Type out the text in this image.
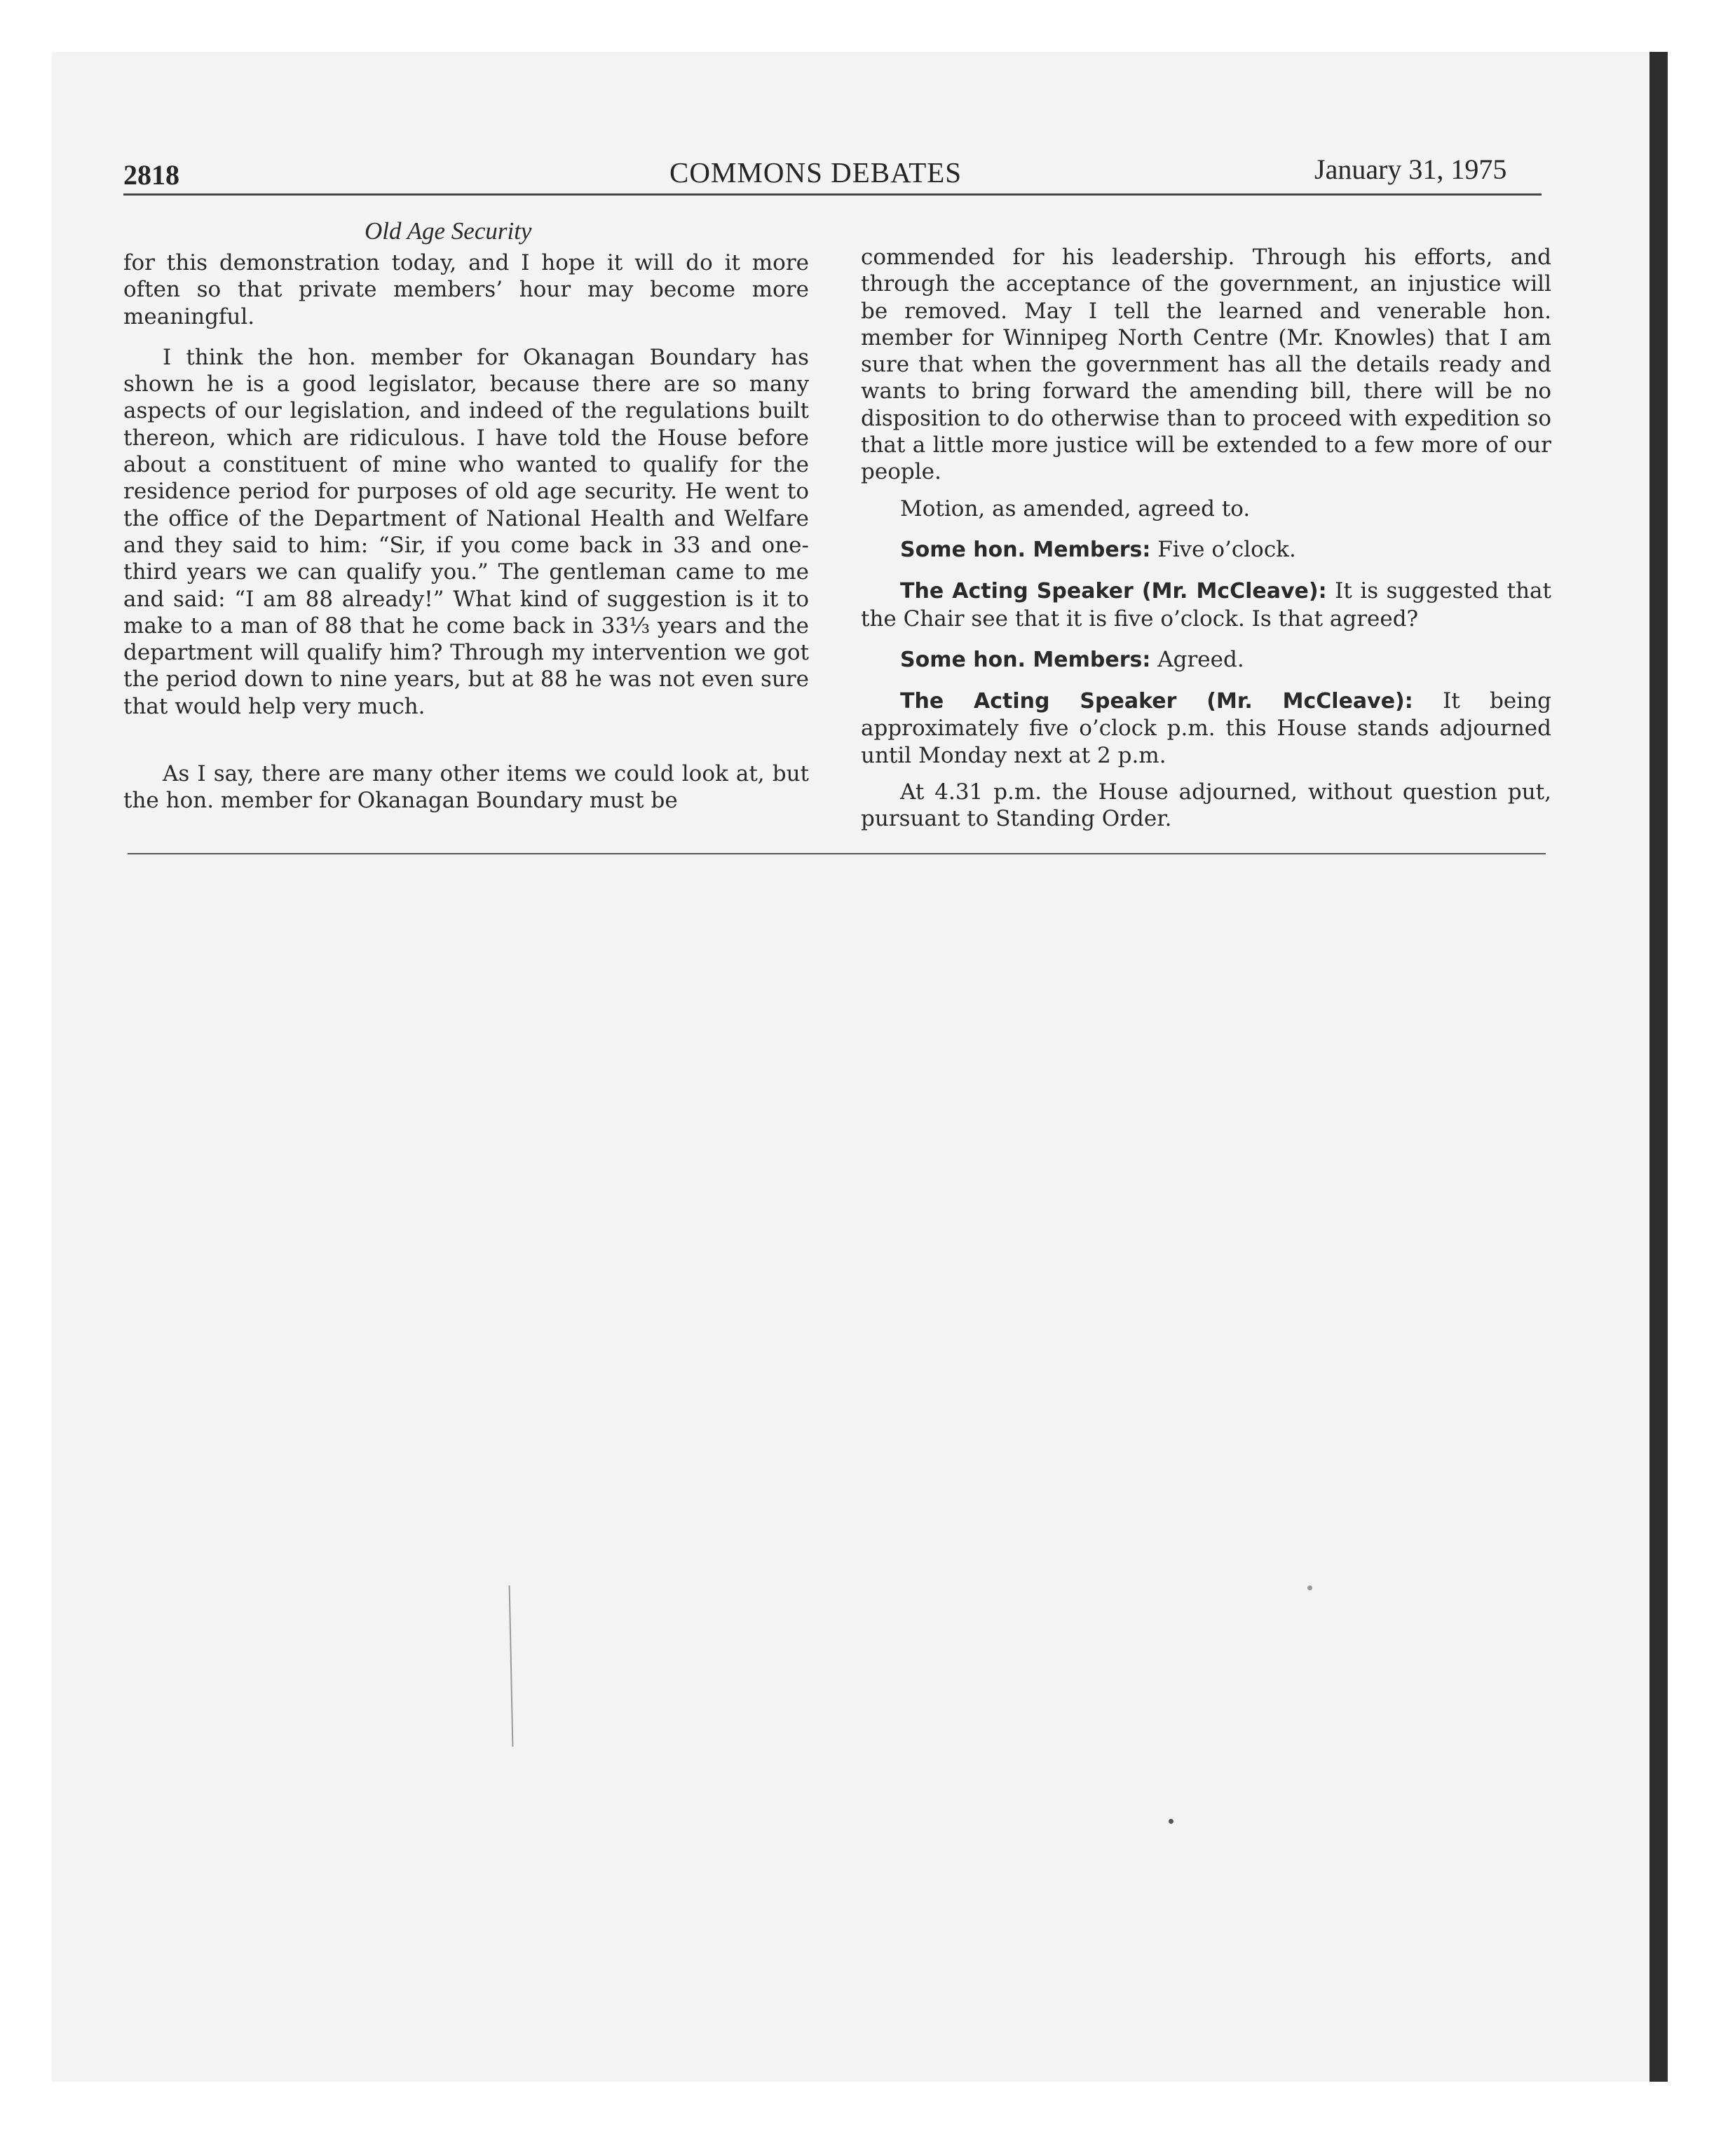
2818	COMMONS DEBATES	January 31, 1975
Old Age Security

for this demonstration today, and I hope it will do it more often so that private members’ hour may become more meaningful.

I think the hon. member for Okanagan Boundary has shown he is a good legislator, because there are so many aspects of our legislation, and indeed of the regulations built thereon, which are ridiculous. I have told the House before about a constituent of mine who wanted to qualify for the residence period for purposes of old age security. He went to the office of the Department of National Health and Welfare and they said to him: “Sir, if you come back in 33 and one-third years we can qualify you.” The gentleman came to me and said: “I am 88 already!” What kind of suggestion is it to make to a man of 88 that he come back in 33⅓ years and the department will qualify him? Through my intervention we got the period down to nine years, but at 88 he was not even sure that would help very much.

As I say, there are many other items we could look at, but the hon. member for Okanagan Boundary must be

commended for his leadership. Through his efforts, and through the acceptance of the government, an injustice will be removed. May I tell the learned and venerable hon. member for Winnipeg North Centre (Mr. Knowles) that I am sure that when the government has all the details ready and wants to bring forward the amending bill, there will be no disposition to do otherwise than to proceed with expedition so that a little more justice will be extended to a few more of our people.

Motion, as amended, agreed to.

Some hon. Members: Five o’clock.

The Acting Speaker (Mr. McCleave): It is suggested that the Chair see that it is five o’clock. Is that agreed?

Some hon. Members: Agreed.

The Acting Speaker (Mr. McCleave): It being approximately five o’clock p.m. this House stands adjourned until Monday next at 2 p.m.

At 4.31 p.m. the House adjourned, without question put, pursuant to Standing Order.
